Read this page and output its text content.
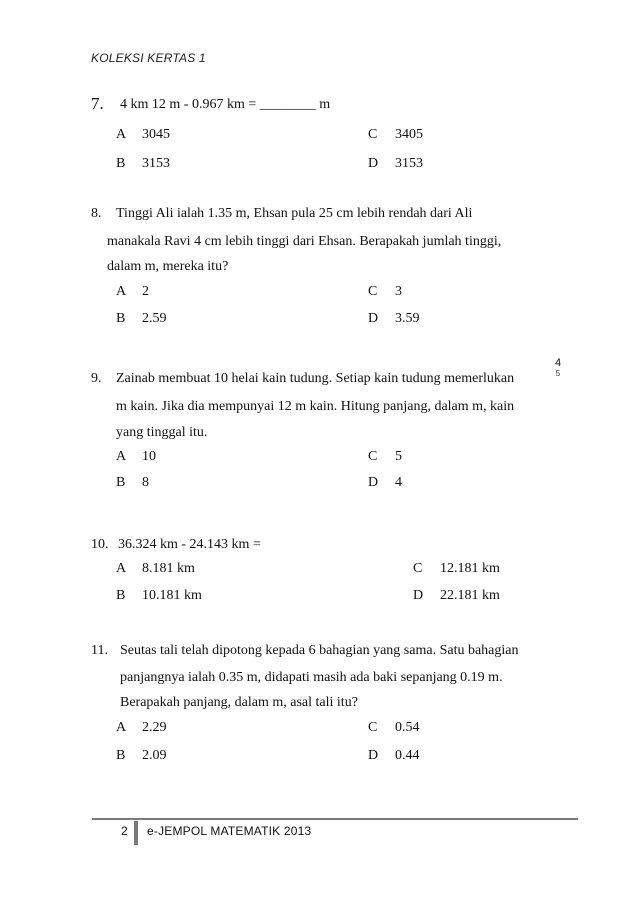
KOLEKSI KERTAS 1
7. 4 km 12 m - 0.967 km = ________ m
A 3045	C 3405
B 3153	D 3153
8. Tinggi Ali ialah 1.35 m, Ehsan pula 25 cm lebih rendah dari Ali
manakala Ravi 4 cm lebih tinggi dari Ehsan. Berapakah jumlah tinggi,
dalam m, mereka itu?
A 2	C 3
B 2.59	D 3.59
9. Zainab membuat 10 helai kain tudung. Setiap kain tudung memerlukan
4
5
m kain. Jika dia mempunyai 12 m kain. Hitung panjang, dalam m, kain
yang tinggal itu.
A 10	C 5
B 8	D 4
10. 36.324 km - 24.143 km =
A 8.181 km	C 12.181 km
B 10.181 km	D 22.181 km
11. Seutas tali telah dipotong kepada 6 bahagian yang sama. Satu bahagian
panjangnya ialah 0.35 m, didapati masih ada baki sepanjang 0.19 m.
Berapakah panjang, dalam m, asal tali itu?
A 2.29	C 0.54
B 2.09	D 0.44
2 e-JEMPOL MATEMATIK 2013
